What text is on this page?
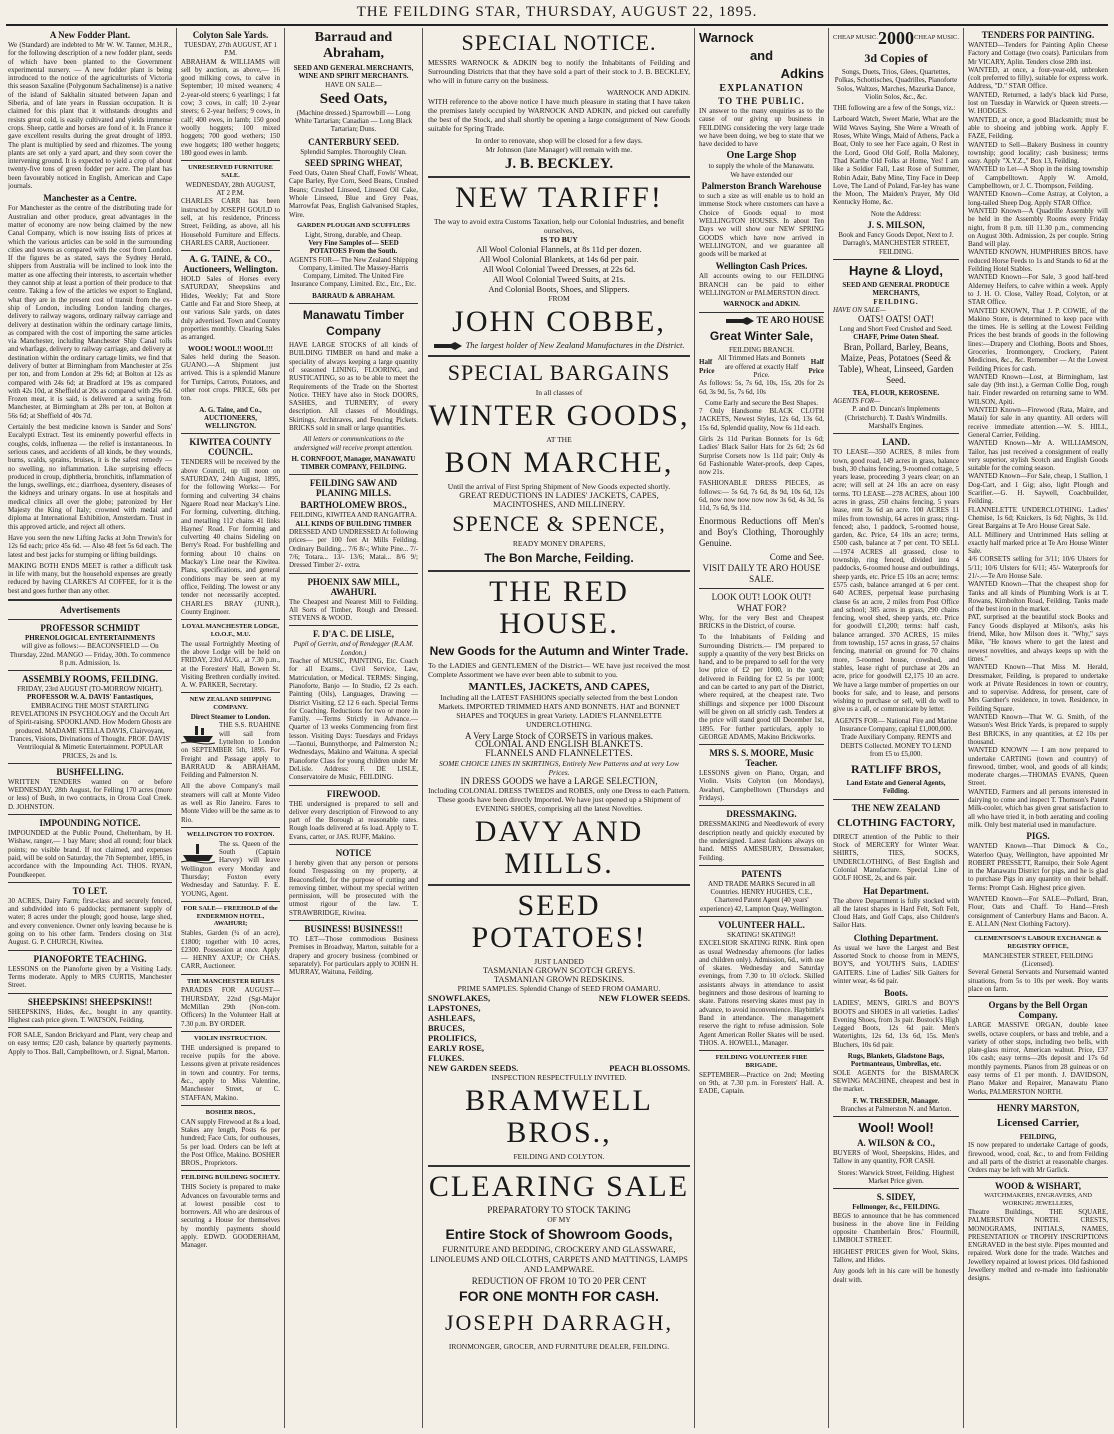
THE FEILDING STAR, THURSDAY, AUGUST 22, 1895.
A New Fodder Plant.
We (Standard) are indebted to Mr W. W. Tanner, M.H.R., for the following description of a new fodder plant, seeds of which have been planted to the Government experimental nursery. — A new fodder plant is being introduced to the notice of the agriculturists of Victoria this season Saxaline (Polygonum Sachalinense) is a native of the island of Sakhalin situated between Japan and Siberia, and of late years in Russian occupation. It is claimed for this plant that it withstands droughts and resists great cold, is easily cultivated and yields immense crops. Sheep, cattle and horses are fond of it. In France it gave excellent results during the great drought of 1893. The plant is multiplied by seed and rhizomes. The young plants are set only a yard apart, and they soon cover the intervening ground. It is expected to yield a crop of about twenty-five tons of green fodder per acre. The plant has been favourably noticed in English, American and Cape journals.
Manchester as a Centre.
For Manchester as the centre of the distributing trade for Australian and other produce, great advantages in the matter of economy are now being claimed by the new Canal Company, which is now issuing lists of prices at which the various articles can be sold in the surrounding cities and towns as compared with the cost from London. If the figures be as stated, says the Sydney Herald, shippers from Australia will be inclined to look into the matter as one affecting their interests, to ascertain whether they cannot ship at least a portion of their produce to that centre. Taking a few of the articles we export to England, what they are in the present cost of transit from the ex-ship of London, including London landing charges, delivery to railway wagons, ordinary railway carriage and delivery at destination within the ordinary cartage limits, as compared with the cost of importing the same articles via Manchester, including Manchester Ship Canal tolls and wharfage, delivery to railway carriage, and delivery at destination within the ordinary cartage limits, we find that delivery of butter at Birmingham from Manchester at 25s per ton, and from London at 29s 6d; at Bolton at 12s as compared with 24s 6d; at Bradford at 19s as compared with 42s 10d, at Sheffield at 20s as compared with 29s 6d. Frozen meat, it is said, is delivered at a saving from Manchester, at Birmingham at 28s per ton, at Bolton at 56s 6d; at Sheffield of 40s 7d.
Certainly the best medicine known is Sander and Sons' Eucalypti Extract. Test its eminently powerful effects in coughs, colds, influenza — the relief is instantaneous. In serious cases, and accidents of all kinds, be they wounds, burns, scalds, sprains, bruises, it is the safest remedy — no swelling, no inflammation. Like surprising effects produced in croup, diphtheria, bronchitis, inflammation of the lungs, swellings, etc.; diarrhoea, dysentery, diseases of the kidneys and urinary organs. In use at hospitals and medical clinics all over the globe; patronized by Her Majesty the King of Italy; crowned with medal and diploma at International Exhibition, Amsterdam. Trust in this approved article, and reject all others.
Have you seen the new Lifting Jacks at John Trewin's for 12s 6d each; price 45s 6d. — Also 48 feet 5s 6d each. The latest and best jacks for stumping or lifting buildings.
MAKING BOTH ENDS MEET is rather a difficult task in life with many, but the household expenses are greatly reduced by having CLARKE'S AI COFFEE, for it is the best and goes further than any other.
Advertisements
PROFESSOR SCHMIDT
PHRENOLOGICAL ENTERTAINMENTS
will give as follows:— BEACONSFIELD — On Thursday, 22nd. MANGO — Friday, 30th. To commence 8 p.m. Admission, 1s.
ASSEMBLY ROOMS, FEILDING.
FRIDAY, 23rd AUGUST (TO-MORROW NIGHT).
PROFESSOR W. A. DAVIS' Fantastiques,
EMBRACING THE MOST STARTLING REVELATIONS IN PSYCHOLOGY and the Occult Art of Spirit-raising. SPOOKLAND. How Modern Ghosts are produced. MADAME STELLA DAVIS, Clairvoyant, Trances, Visions, Divinations of Thought. PROF. DAVIS' Ventriloquial & Mimetic Entertainment. POPULAR PRICES, 2s and 1s.
BUSHFELLING.
WRITTEN TENDERS wanted on or before WEDNESDAY, 28th August, for Felling 170 acres (more or less) of Bush, in two contracts, in Oroua Coal Creek. D. JOHNSTON.
IMPOUNDING NOTICE.
IMPOUNDED at the Public Pound, Cheltenham, by H. Wishaw, ranger,— 1 bay Mare; shod all round; four black points; no visible brand. If not claimed, and expenses paid, will be sold on Saturday, the 7th September, 1895, in accordance with the Impounding Act. THOS. RYAN, Poundkeeper.
TO LET.
30 ACRES, Dairy Farm; first-class and securely fenced, and subdivided into 6 paddocks; permanent supply of water; 8 acres under the plough; good house, large shed, and every convenience. Owner only leaving because he is going on to his other farm. Tenders closing on 31st August. G. P. CHURCH, Kiwitea.
PIANOFORTE TEACHING.
LESSONS on the Pianoforte given by a Visiting Lady. Terms moderate. Apply to MRS CURTIS, Manchester Street.
SHEEPSKINS! SHEEPSKINS!!
SHEEPSKINS, Hides, &c., bought in any quantity. Highest cash price given. T. WATSON, Feilding.
FOR SALE, Sandon Brickyard and Plant, very cheap and on easy terms; £20 cash, balance by quarterly payments. Apply to Thos. Ball, Campbelltown, or J. Signal, Marton.
Colyton Sale Yards.
TUESDAY, 27th AUGUST, AT 1 P.M.
ABRAHAM & WILLIAMS will sell by auction, as above,— 16 good milking cows, to calve in September; 10 mixed weaners; 4 2-year-old steers; 6 yearlings; 1 fat cow; 3 cows, in calf; 10 2-year steers; 6 2-year heifers; 9 cows, in calf; 400 ewes, in lamb; 150 good woolly hoggets; 100 mixed hoggets; 700 good wethers; 150 ewe hoggets; 180 wether hoggets; 180 good ewes in lamb.
UNRESERVED FURNITURE SALE.
WEDNESDAY, 28th AUGUST, AT 2 P.M.
CHARLES CARR has been instructed by JOSEPH GOULD to sell, at his residence, Princess Street, Feilding, as above, all his Household Furniture and Effects. CHARLES CARR, Auctioneer.
A. G. TAINE, & CO., Auctioneers, Wellington.
HOLD Sales of Horses every SATURDAY, Sheepskins and Hides, Weekly; Fat and Store Cattle and Fat and Store Sheep, at our various Sale yards, on dates duly advertised. Town and Country properties monthly. Clearing Sales as arranged.
WOOL! WOOL!! WOOL!!!
Sales held during the Season. GUANO.—A Shipment just arrived. This is a splendid Manure for Turnips, Carrots, Potatoes, and other root crops. PRICE, 60s per ton.
A. G. Taine, and Co., AUCTIONEERS, WELLINGTON.
KIWITEA COUNTY COUNCIL.
TENDERS will be received by the above Council, up till noon on SATURDAY, 24th August, 1895, for the following Works:— For forming and culverting 34 chains Ngaere Road near Mackay's Line. For forming, culverting, ditching, and metalling 112 chains 41 links Haynes' Road. For forming and culverting 40 chains Sideling on Berry's Road. For bushfelling and forming about 10 chains on Mackay's Line near the Kiwitea. Plans, specifications, and general conditions may be seen at my office, Feilding. The lowest or any tender not necessarily accepted. CHARLES BRAY (JUNR.), County Engineer.
LOYAL MANCHESTER LODGE, I.O.O.F., M.U.
The usual Fortnightly Meeting of the above Lodge will be held on FRIDAY, 23rd AUG., at 7.30 p.m., at the Foresters' Hall, Bowen St. Visiting Brethren cordially invited. A. W. PARKER, Secretary.
NEW ZEALAND SHIPPING COMPANY.
Direct Steamer to London.
THE S.S. RUAHINE will sail from Lyttelton to London on SEPTEMBER 5th, 1895. For Freight and Passage apply to BARRAUD & ABRAHAM, Feilding and Palmerston N.
All the above Company's mail steamers will call at Monte Video as well as Rio Janeiro. Fares to Monte Video will be the same as to Rio.
WELLINGTON TO FOXTON.
The ss. Queen of the South (Captain Harvey) will leave Wellington every Monday and Thursday; Foxton every Wednesday and Saturday. F. E. YOUNG, Agent.
FOR SALE— FREEHOLD of the ENDERMION HOTEL, AWAHURI;
Stables, Garden (¼ of an acre), £1800; together with 10 acres, £2300. Possession at once. Apply— HENRY AXUP; Or CHAS. CARR, Auctioneer.
THE MANCHESTER RIFLES
PARADES FOR AUGUST— THURSDAY, 22nd (Sgt-Major McMillan 29th (Non-com. Officers) In the Volunteer Hall at 7.30 p.m. BY ORDER.
VIOLIN INSTRUCTION.
THE undersigned is prepared to receive pupils for the above. Lessons given at private residences in town and country. For terms, &c., apply to Miss Valentine, Manchester Street, or C. STAFFAN, Makino.
BOSHER BROS.,
CAN supply Firewood at 8s a load, Stakes any length, Posts 6s per hundred; Face Cuts, for outhouses, 5s per load. Orders can be left at the Post Office, Makino. BOSHER BROS., Proprietors.
FEILDING BUILDING SOCIETY.
THIS Society is prepared to make Advances on favourable terms and at lowest possible cost to borrowers. All who are desirous of securing a House for themselves by monthly payments should apply. EDWD. GOODERHAM, Manager.
Barraud and Abraham,
SEED AND GENERAL MERCHANTS,
WINE AND SPIRIT MERCHANTS.
HAVE ON SALE—
Seed Oats,
(Machine dressed.) Sparrowbill — Long White Tartarian; Canadian — Long Black Tartarian; Duns.
CANTERBURY SEED.
Splendid Samples. Thoroughly Clean.
SEED SPRING WHEAT,
Feed Oats, Oaten Sheaf Chaff, Fowls' Wheat, Cape Barley, Rye Corn, Seed Beans, Crushed Beans; Crushed Linseed, Linseed Oil Cake, Whole Linseed, Blue and Grey Peas, Marrowfat Peas, English Galvanised Staples, Wire.
GARDEN PLOUGH AND SCUFFLERS
Light, Strong, durable, and Cheap.
Very Fine Samples of— SEED POTATOES From the South.
AGENTS FOR— The New Zealand Shipping Company, Limited. The Massey-Harris Company, Limited. The United Fire Insurance Company, Limited. Etc., Etc., Etc.
BARRAUD & ABRAHAM.
Manawatu Timber Company
HAVE LARGE STOCKS of all kinds of BUILDING TIMBER on hand and make a speciality of always keeping a large quantity of seasoned LINING, FLOORING, and RUSTICATING, so as to be able to meet the Requirements of the Trade on the Shortest Notice. THEY have also in Stock DOORS, SASHES, and TURNERY, of every description. All classes of Mouldings, Skirtings, Architraves, and Fencing Pickets. BRICKS sold in small or large quantities.
All letters or communications to the undersigned will receive prompt attention.
H. CORNFOOT, Manager, MANAWATU TIMBER COMPANY, FEILDING.
FEILDING SAW AND PLANING MILLS.
BARTHOLOMEW BROS.,
FEILDING, KIWITEA AND RANGAITRA.
ALL KINDS OF BUILDING TIMBER
DRESSED AND UNDRESSED At following prices— per 100 feet At Mills Feilding. Ordinary Building... 7/6 8/-; White Pine... 7/- 7/6; Totara... 13/- 13/6; Matai... 8/6 9/; Dressed Timber 2/- extra.
PHOENIX SAW MILL, AWAHURI.
The Cheapest and Nearest Mill to Feilding. All Sorts of Timber, Rough and Dressed. STEVENS & WOOD.
F. D'A C. DE LISLE,
Pupil of Gerrin, and of Rendegger (R.A.M. London.)
Teacher of MUSIC, PAINTING, Etc. Coach for all Exams., Civil Service, Law, Matriculation, or Medical. TERMS: Singing, Pianoforte, Banjo — In Studio, £2 2s each. Painting (Oils), Languages, Drawing — District Visiting, £2 12 6 each. Special Terms for Coaching. Reductions for two or more in Family. —Terms Strictly in Advance.— Quarter of 13 weeks Commencing from first lesson. Visiting Days: Tuesdays and Fridays—Taonui, Bunnythorpe, and Palmerston N.; Wednesdays, Makino and Waituna. A special Pianoforte Class for young children under Mr DeLisle. Address: F. DE LISLE, Conservatoire de Music, FEILDING.
FIREWOOD.
THE undersigned is prepared to sell and deliver every description of Firewood to any part of the Borough at reasonable rates. Rough loads delivered at 6s load. Apply to T. Evans, carter, or JAS. RUFF, Makino.
NOTICE
I hereby given that any person or persons found Trespassing on my property, at Beaconsfield, for the purpose of cutting and removing timber, without my special written permission, will be prosecuted with the utmost rigour of the law. T. STRAWBRIDGE, Kiwitea.
BUSINESS! BUSINESS!!
TO LET—Those commodious Business Premises in Broadway, Marton, suitable for a drapery and grocery business (combined or separately). For particulars apply to JOHN H. MURRAY, Waituna, Feilding.
SPECIAL NOTICE.
MESSRS WARNOCK & ADKIN beg to notify the Inhabitants of Feilding and Surrounding Districts that that they have sold a part of their stock to J. B. BECKLEY, who will in future carry on the business.
WARNOCK AND ADKIN.
WITH reference to the above notice I have much pleasure in stating that I have taken the premises lately occupied by WARNOCK AND ADKIN, and picked out carefully the best of the Stock, and shall shortly be opening a large consignment of New Goods suitable for Spring Trade.
In order to renovate, shop will be closed for a few days.
Mr Johnson (late Manager) will remain with me.
J. B. BECKLEY.
NEW TARIFF!
The way to avoid extra Customs Taxation, help our Colonial Industries, and benefit ourselves,
IS TO BUY
All Wool Colonial Flannels, at 8s 11d per dozen.
All Wool Colonial Blankets, at 14s 6d per pair.
All Wool Colonial Tweed Dresses, at 22s 6d.
All Wool Colonial Tweed Suits, at 21s.
And Colonial Boots, Shoes, and Slippers.
FROM
JOHN COBBE,
The largest holder of New Zealand Manufactures in the District.
SPECIAL BARGAINS
In all classes of
WINTER GOODS,
AT THE
BON MARCHE,
Until the arrival of First Spring Shipment of New Goods expected shortly.
GREAT REDUCTIONS IN LADIES' JACKETS, CAPES, MACINTOSHES, AND MILLINERY.
SPENCE & SPENCE,
READY MONEY DRAPERS,
The Bon Marche, Feilding.
THE RED HOUSE.
New Goods for the Autumn and Winter Trade.
To the LADIES and GENTLEMEN of the District— WE have just received the most Complete Assortment we have ever been able to submit to you.
MANTLES, JACKETS, AND CAPES,
Including all the LATEST FASHIONS specially selected from the best London Markets. IMPORTED TRIMMED HATS AND BONNETS. HAT and BONNET SHAPES and TOQUES in great Variety. LADIE'S FLANNELETTE UNDERCLOTHING.
A Very Large Stock of CORSETS in various makes.
COLONIAL AND ENGLISH BLANKETS.
FLANNELS AND FLANNELETTES.
SOME CHOICE LINES IN SKIRTINGS, Entirely New Patterns and at very Low Prices.
IN DRESS GOODS we have a LARGE SELECTION,
Including COLONIAL DRESS TWEEDS and ROBES, only one Dress to each Pattern. These goods have been directly Imported. We have just opened up a Shipment of EVENING SHOES, comprising all the latest Novelties.
DAVY AND MILLS.
SEED POTATOES!
JUST LANDED
TASMANIAN GROWN SCOTCH GREYS.
TASMANIAN GROWN REDSKINS.
PRIME SAMPLES. Splendid Change of SEED FROM OAMARU.
SNOWFLAKES,
LAPSTONES,
ASHLEAFS,
BRUCES,
PROLIFICS,
EARLY ROSE,
FLUKES.
NEW GARDEN SEEDS.
NEW FLOWER SEEDS.
PEACH BLOSSOMS.
INSPECTION RESPECTFULLY INVITED.
BRAMWELL BROS.,
FEILDING AND COLYTON.
CLEARING SALE
PREPARATORY TO STOCK TAKING
OF MY
Entire Stock of Showroom Goods,
FURNITURE AND BEDDING, CROCKERY AND GLASSWARE, LINOLEUMS AND OILCLOTHS, CARPETS AND MATTINGS, LAMPS AND LAMPWARE.
REDUCTION OF FROM 10 TO 20 PER CENT
FOR ONE MONTH FOR CASH.
JOSEPH DARRAGH,
IRONMONGER, GROCER, AND FURNITURE DEALER, FEILDING.
Warnock
and
Adkins
EXPLANATION
TO THE PUBLIC.
IN answer to the many enquiries as to the cause of our giving up business in FEILDING considering the very large trade we have been doing, we beg to state that we have decided to have
One Large Shop
to supply the whole of the Manawatu.
We have extended our
Palmerston Branch Warehouse
to such a size as will enable us to hold an immense Stock where customers can have a Choice of Goods equal to most WELLINGTON HOUSES. In about Ten Days we will show our NEW SPRING GOODS which have now arrived in WELLINGTON, and we guarantee all goods will be marked at
Wellington Cash Prices.
All accounts owing to our FEILDING BRANCH can be paid to either WELLINGTON or PALMERSTON direct.
WARNOCK and ADKIN.
TE ARO HOUSE
Great Winter Sale,
FEILDING BRANCH.
Half Price
All Trimmed Hats and Bonnets are offered at exactly Half Price.
Half Price
As follows: 5s, 7s 6d, 10s, 15s, 20s for 2s 6d, 3s 9d, 5s, 7s 6d, 10s
Come Early and secure the Best Shapes.
7 Only Handsome BLACK CLOTH JACKETS, Newest Styles, 12s 6d, 13s 6d, 15s 6d, Splendid quality, Now 6s 11d each.
Girls 2s 11d Puritan Bonnets for 1s 6d; Ladies' Black Sailor Hats for 2s 6d; 2s 6d Surprise Corsets now 1s 11d pair; Only 4s 6d Fashionable Water-proofs, deep Capes, now 21s.
FASHIONABLE DRESS PIECES, as follows:— 5s 6d, 7s 6d, 8s 9d, 10s 6d, 12s 6d, now now now now now 3s 6d, 4s 3d, 5s 11d, 7s 6d, 9s 11d.
Enormous Reductions off Men's and Boy's Clothing, Thoroughly Genuine.
Come and See.
VISIT DAILY TE ARO HOUSE SALE.
LOOK OUT! LOOK OUT! WHAT FOR?
Why, for the very Best and Cheapest BRICKS in the District, of course.
To the Inhabitants of Feilding and Surrounding Districts.— I'M prepared to supply a quantity of the very best Bricks on hand, and to be prepared to sell for the very low price of £2 per 1000, in the yard; delivered in Feilding for £2 5s per 1000; and can be carted to any part of the District, where required, at the cheapest rate. Two shillings and sixpence per 1000 Discount will be given on all strictly cash. Tenders at the price will stand good till December 1st, 1895. For further particulars, apply to GEORGE ADAMS, Makino Brickworks.
MRS S. S. MOORE, Music Teacher.
LESSONS given on Piano, Organ, and Violin. Visits Colyton (on Mondays), Awahuri, Campbelltown (Thursdays and Fridays).
DRESSMAKING.
DRESSMAKING and Needlework of every description neatly and quickly executed by the undersigned. Latest fashions always on hand. MISS AMESBURY, Dressmaker, Feilding.
PATENTS
AND TRADE MARKS Secured in all Countries. HENRY HUGHES, C.E., Chartered Patent Agent (40 years' experience) 42, Lampton Quay, Wellington.
VOLUNTEER HALL.
SKATING! SKATING!!
EXCELSIOR SKATING RINK. Rink open as usual Wednesday afternoons (for ladies and children only). Admission, 6d., with use of skates. Wednesday and Saturday evenings, from 7.30 to 10 o'clock. Skilled assistants always in attendance to assist beginners and those desirous of learning to skate. Patrons reserving skates must pay in advance, to avoid inconvenience. Haybittle's Band in attendance. The management reserve the right to refuse admission. Sole Agent American Roller Skates will be used. THOS. A. HOWELL, Manager.
FEILDING VOLUNTEER FIRE BRIGADE.
SEPTEMBER—Practice on 2nd; Meeting on 9th, at 7.30 p.m. in Foresters' Hall. A. EADE, Captain.
CHEAP MUSIC. 2000 CHEAP MUSIC.
3d Copies of
Songs, Duets, Trios, Glees, Quartettes, Polkas, Schottisches, Quadrilles, Pianoforte Solos, Waltzes, Marches, Mazurka Dance, Violin Solos, &c., &c.
THE following are a few of the Songs, viz.:
Larboard Watch, Sweet Marie, What are the Wild Waves Saying, She Were a Wreath of Roses, White Wings, Maid of Athens, Pack a Boat, Only to see her Face again, O Rest in the Lord, Good Old Golf, Rolla Maloney, Thad Karthe Old Folks at Home, Yes! I am like a Soldier Fall, Last Rose of Summer, Robin Adair, Baby Mine, Tiny Face in Deep Love, The Land of Poland, Far-ley has wane the Moon, The Maiden's Prayer, My Old Kentucky Home, &c.
Note the Address:
J. S. MILSON,
Book and Fancy Goods Depot, Next to J. Darragh's, MANCHESTER STREET, FEILDING.
Hayne & Lloyd,
SEED AND GENERAL PRODUCE MERCHANTS,
FEILDING.
HAVE ON SALE—
OATS! OATS! OAT!
Long and Short Feed Crushed and Seed.
CHAFF, Prime Oaten Sheaf.
Bran, Pollard, Barley, Beans, Maize, Peas, Potatoes (Seed & Table), Wheat, Linseed, Garden Seed.
TEA, FLOUR, KEROSENE.
AGENTS FOR—
P. and D. Duncan's Implements (Christchurch). T. Dash's Windmills. Marshall's Engines.
LAND.
TO LEASE—350 ACRES, 8 miles from town, good road, 149 acres in grass, balance bush, 30 chains fencing, 9-roomed cottage, 5 years lease, proceeding 3 years clear; on an acre; will sell at 24 10s an acre on easy terms. TO LEASE—278 ACRES, about 100 acres in grass, 250 chains fencing, 5 years lease, rent 3s 6d an acre. 100 ACRES 11 miles from township, 64 acres in grass; ring-fenced; also, 1 paddock, 5-roomed house, garden, &c. Price, £4 10s an acre; terms, £500 cash, balance at 7 per cent. TO SELL—1974 ACRES all grassed, close to township, ring fenced, divided into 4 paddocks, 6-roomed house and outbuildings, sheep yards, etc. Price £5 10s an acre; terms: £575 cash, balance arranged at 6 per cent. 640 ACRES, perpetual lease purchasing clause 6s an acre, 2 miles from Post Office and school; 385 acres in grass, 290 chains fencing, wool shed, sheep yards, etc. Price for goodwill £1,200; terms: half cash, balance arranged. 370 ACRES, 15 miles from township, 157 acres in grass, 57 chains fencing, material on ground for 70 chains more, 5-roomed house, cowshed, and stables, lease right of purchase at 20s an acre, price for goodwill £2,175 10 an acre. We have a large number of properties on our books for sale, and to lease, and persons wishing to purchase or sell, will do well to give us a call, or communicate by letter.
AGENTS FOR— National Fire and Marine Insurance Company, capital £1,000,000. Trade Auxiliary Company. RENTS and DEBTS Collected. MONEY TO LEND from £5 to £5,000.
RATLIFF BROS,
Land Estate and General Agents, Feilding.
THE NEW ZEALAND
CLOTHING FACTORY,
DIRECT attention of the Public to their Stock of MERCERY for Winter Wear. SHIRTS, TIES, SOCKS, UNDERCLOTHING, of Best English and Colonial Manufacture. Special Line of GOLF HOSE, 2s, and 6s pair.
Hat Department.
The above Department is fully stocked with all the latest shapes in Hard Felt, Soft Felt, Cloud Hats, and Golf Caps, also Children's Sailor Hats.
Clothing Department.
As usual we have the Largest and Best Assorted Stock to choose from in MEN'S, BOY'S, and YOUTH'S Suits, LADIES' GAITERS. Line of Ladies' Silk Gaiters for winter wear, 4s 6d pair.
Boots.
LADIES', MEN'S, GIRL'S and BOY'S BOOTS and SHOES in all varieties. Ladies' Evening Shoes, from 3s pair. Bostock's High Legged Boots, 12s 6d pair. Men's Watertights, 12s 6d, 13s 6d, 15s. Men's Bluchers, 10s 6d pair.
Rugs, Blankets, Gladstone Bags, Portmanteaus, Umbrellas, etc.
SOLE AGENTS for the BISMARCK SEWING MACHINE, cheapest and best in the market.
F. W. TRESEDER, Manager.
Branches at Palmerston N. and Marton.
Wool! Wool!
A. WILSON & CO.,
BUYERS of Wool, Sheepskins, Hides, and Tallow in any quantity, FOR CASH.
Stores: Warwick Street, Feilding. Highest Market Price given.
S. SIDEY,
Fellmonger, &c., FEILDING.
BEGS to announce that he has commenced business in the above line in Feilding opposite Chamberlain Bros.' Flourmill, LIMBOLT STREET.
HIGHEST PRICES given for Wool, Skins, Tallow, and Hides.
Any goods left in his care will be honestly dealt with.
TENDERS FOR PAINTING.

WANTED—Tenders for Painting Aplin Cheese Factory and Cottage (two coats). Particulars from Mr VICARY, Aplin. Tenders close 28th inst.

WANTED, at once, a four-year-old, unbroken (colt preferred to filly), suitable for express work. Address, "D." STAR Office.

WANTED, Returned, a lady's black kid Purse, lost on Tuesday in Warwick or Queen streets.—W. HODGES.

WANTED, at once, a good Blacksmith; must be able to shoeing and jobbing work. Apply F. FAZE, Feilding.

WANTED to Sell—Bakery Business in country township; good locality; cash business; terms easy. Apply "X.Y.Z.," Box 13, Feilding.

WANTED to Let—A Shop in the rising township of Campbelltown. Apply W. Arnold, Campbelltown, or J. C. Thompson, Feilding.

WANTED Known—Come Astray, at Colyton, a long-tailed Sheep Dog. Apply STAR Office.

WANTED Known—A Quadrille Assembly will be held in the Assembly Rooms every Friday night, from 8 p.m. till 11.30 p.m., commencing on August 30th. Admission, 2s per couple. String Band will play.

WANTED KNOWN, HUMPHRIES BROS. have reduced Horse Feeds to 1s and Stands to 6d at the Feilding Hotel Stables.

WANTED Known—For Sale, 3 good half-bred Alderney Heifers, to calve within a week. Apply to J. H. O. Close, Valley Road, Colyton, or at STAR Office.

WANTED KNOWN, That J. P. COWIE, of the Makino Store, is determined to keep pace with the times. He is selling at the Lowest Feilding Prices the best brands of goods in the following lines:—Drapery and Clothing, Boots and Shoes, Groceries, Ironmongery, Crockery, Patent Medicines, &c., &c. Remember — At the Lowest Feilding Prices for cash.

WANTED Known—Lost, at Birmingham, last sale day (9th inst.), a German Collie Dog, rough hair. Finder rewarded on returning same to WM. WILSON, Apiti.

WANTED Known—Firewood (Rata, Maire, and Matai) for sale in any quantity. All orders will receive immediate attention.—W. S. HILL, General Carrier, Feilding.

WANTED Known—Mr A. WILLIAMSON, Tailor, has just received a consignment of really very superior, stylish Scotch and English Goods suitable for the coming season.

WANTED Known—For Sale, cheap, 1 Stallion, 1 Dog-Cart, and 1 Gig; also, light Plough and Scarifier.—G. H. Saywell, Coachbuilder, Feilding.

FLANNELETTE UNDERCLOTHING. Ladies' Chemise, 1s 6d; Knickers, 1s 6d; Nights, 3s 11d. Great Bargains at Te Aro House Great Sale.

ALL Millinery and Untrimmed Hats selling at exactly half marked price at Te Aro House Winter Sale.

4/6 CORSETS selling for 3/11; 10/6 Ulsters for 5/11; 10/6 Ulsters for 6/11; 45/- Waterproofs for 21/-.—Te Aro House Sale.

WANTED Known—That the cheapest shop for Tanks and all kinds of Plumbing Work is at T. Rowans, Kimbolton Road, Feilding. Tanks made of the best iron in the market.

PAT, surprised at the beautiful stock Books and Fancy Goods displayed at Milson's, asks his friend, Mike, how Milson does it. "Why," says Mike, "He knows where to get the latest and newest novelties, and always keeps up with the times."

WANTED Known—That Miss M. Herald, Dressmaker, Feilding, is prepared to undertake work at Private Residences in town or country, and to supervise. Address, for present, care of Mrs Gardner's residence, in town. Residence, in Feilding Square.

WANTED Known—That W. G. Smith, of the Watson's West Brick Yards, is prepared to supply Best BRICKS, in any quantities, at £2 10s per thousand.

WANTED KNOWN — I am now prepared to undertake CARTING (town and country) of firewood, timber, wool, and goods of all kinds; moderate charges.—THOMAS EVANS, Queen Street.

WANTED, Farmers and all persons interested in dairying to come and inspect T. Thomson's Patent Milk-cooler, which has given great satisfaction to all who have tried it, in both aerating and cooling milk. Only best material used in manufacture.

PIGS.
WANTED Known—That Dimock & Co., Waterloo Quay, Wellington, have appointed Mr ROBERT PRESSETT, Ranuipo, their Sole Agent in the Manawatu District for pigs, and he is glad to purchase Pigs in any quantity on their behalf. Terms: Prompt Cash. Highest price given.
WANTED Known—For SALE—Pollard, Bran, Flour, Oats and Chaff. To Hand—Fresh consignment of Canterbury Hams and Bacon. A. E. ALLAN (Next Clothing Factory).
CLEMENTSON'S LABOUR EXCHANGE & REGISTRY OFFICE,
MANCHESTER STREET, FEILDING (Licensed).
Several General Servants and Nursemaid wanted situations, from 5s to 10s per week. Boy wants place on farm.
Organs by the Bell Organ Company.
LARGE MASSIVE ORGAN, double knee swells, octave couplers, or bass and treble, and a variety of other stops, including two bells, with plate-glass mirror, American walnut. Price, £37 10s cash; easy terms—20s deposit and 17s 6d monthly payments. Pianos from 28 guineas or on easy terms of £1 per month. J. DAVIDSON, Piano Maker and Repairer, Manawatu Piano Works, PALMERSTON NORTH.
HENRY MARSTON,
Licensed Carrier,
FEILDING,
IS now prepared to undertake Cartage of goods, firewood, wood, coal, &c., to and from Feilding and all parts of the district at reasonable charges. Orders may be left with Mr Garlick.
WOOD & WISHART,
WATCHMAKERS, ENGRAVERS, AND WORKING JEWELLERS,
Theatre Buildings, THE SQUARE, PALMERSTON NORTH. CRESTS, MONOGRAMS, INITIALS, NAMES, PRESENTATION or TROPHY INSCRIPTIONS ENGRAVED in the best style. Pipes mounted and repaired. Work done for the trade. Watches and Jewellery repaired at lowest prices. Old fashioned Jewellery melted and re-made into fashionable designs.
